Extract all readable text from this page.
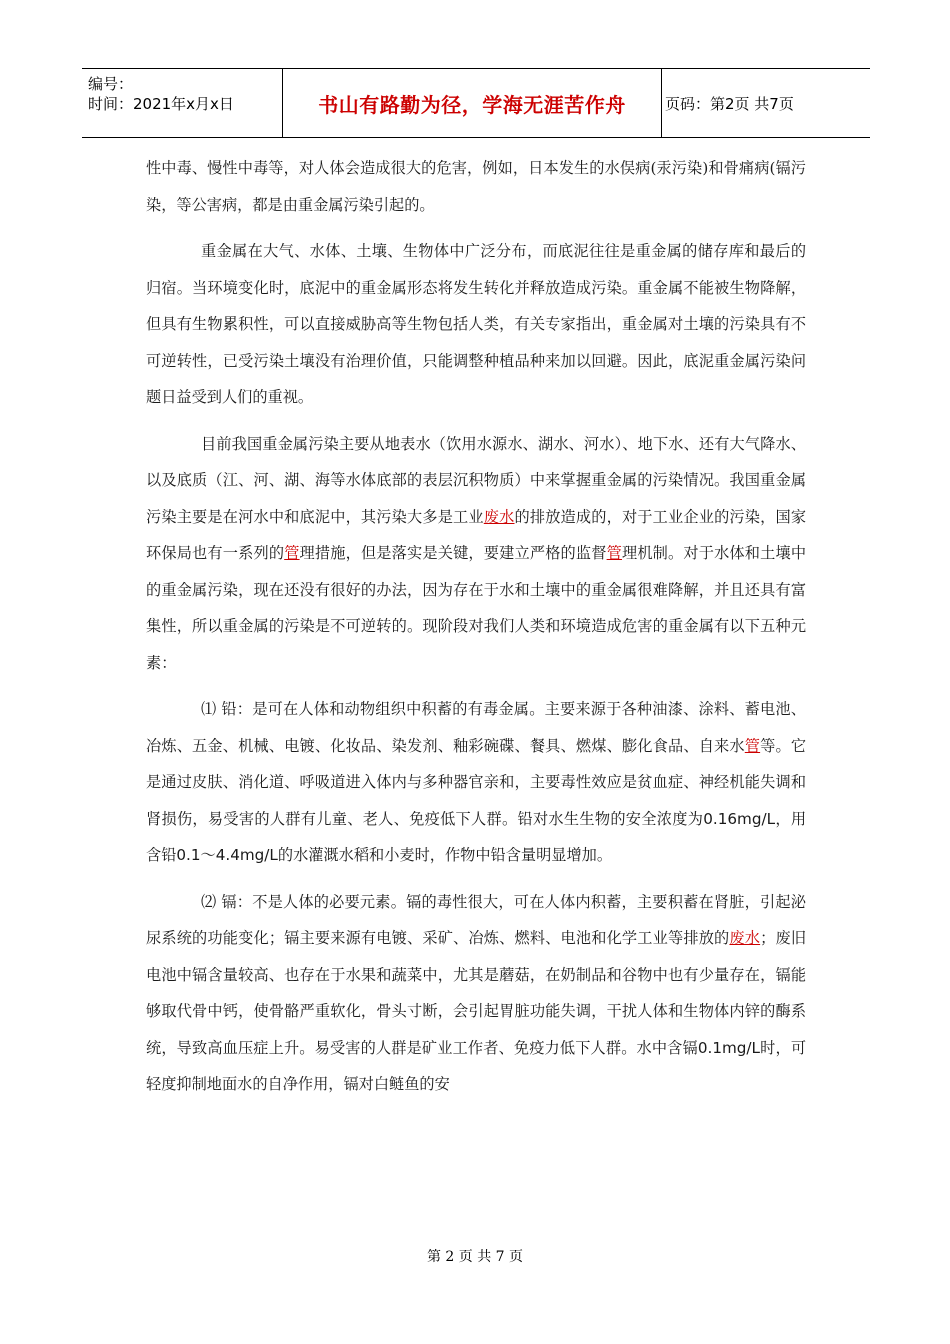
编号：
时间：2021年x月x日	书山有路勤为径，学海无涯苦作舟	页码：第2页 共7页

性中毒、慢性中毒等，对人体会造成很大的危害，例如，日本发生的水俣病(汞污染)和骨痛病(镉污染，等公害病，都是由重金属污染引起的。

重金属在大气、水体、土壤、生物体中广泛分布，而底泥往往是重金属的储存库和最后的归宿。当环境变化时，底泥中的重金属形态将发生转化并释放造成污染。重金属不能被生物降解，但具有生物累积性，可以直接威胁高等生物包括人类，有关专家指出，重金属对土壤的污染具有不可逆转性，已受污染土壤没有治理价值，只能调整种植品种来加以回避。因此，底泥重金属污染问题日益受到人们的重视。

目前我国重金属污染主要从地表水（饮用水源水、湖水、河水）、地下水、还有大气降水、以及底质（江、河、湖、海等水体底部的表层沉积物质）中来掌握重金属的污染情况。我国重金属污染主要是在河水中和底泥中，其污染大多是工业废水的排放造成的，对于工业企业的污染，国家环保局也有一系列的管理措施，但是落实是关键，要建立严格的监督管理机制。对于水体和土壤中的重金属污染，现在还没有很好的办法，因为存在于水和土壤中的重金属很难降解，并且还具有富集性，所以重金属的污染是不可逆转的。现阶段对我们人类和环境造成危害的重金属有以下五种元素：

⑴ 铅：是可在人体和动物组织中积蓄的有毒金属。主要来源于各种油漆、涂料、蓄电池、冶炼、五金、机械、电镀、化妆品、染发剂、釉彩碗碟、餐具、燃煤、膨化食品、自来水管等。它是通过皮肤、消化道、呼吸道进入体内与多种器官亲和，主要毒性效应是贫血症、神经机能失调和肾损伤，易受害的人群有儿童、老人、免疫低下人群。铅对水生生物的安全浓度为0.16mg/L，用含铅0.1～4.4mg/L的水灌溉水稻和小麦时，作物中铅含量明显增加。

⑵ 镉：不是人体的必要元素。镉的毒性很大，可在人体内积蓄，主要积蓄在肾脏，引起泌尿系统的功能变化；镉主要来源有电镀、采矿、冶炼、燃料、电池和化学工业等排放的废水；废旧电池中镉含量较高、也存在于水果和蔬菜中，尤其是蘑菇，在奶制品和谷物中也有少量存在，镉能够取代骨中钙，使骨骼严重软化，骨头寸断，会引起胃脏功能失调，干扰人体和生物体内锌的酶系统，导致高血压症上升。易受害的人群是矿业工作者、免疫力低下人群。水中含镉0.1mg/L时，可轻度抑制地面水的自净作用，镉对白鲢鱼的安

第 2 页 共 7 页
